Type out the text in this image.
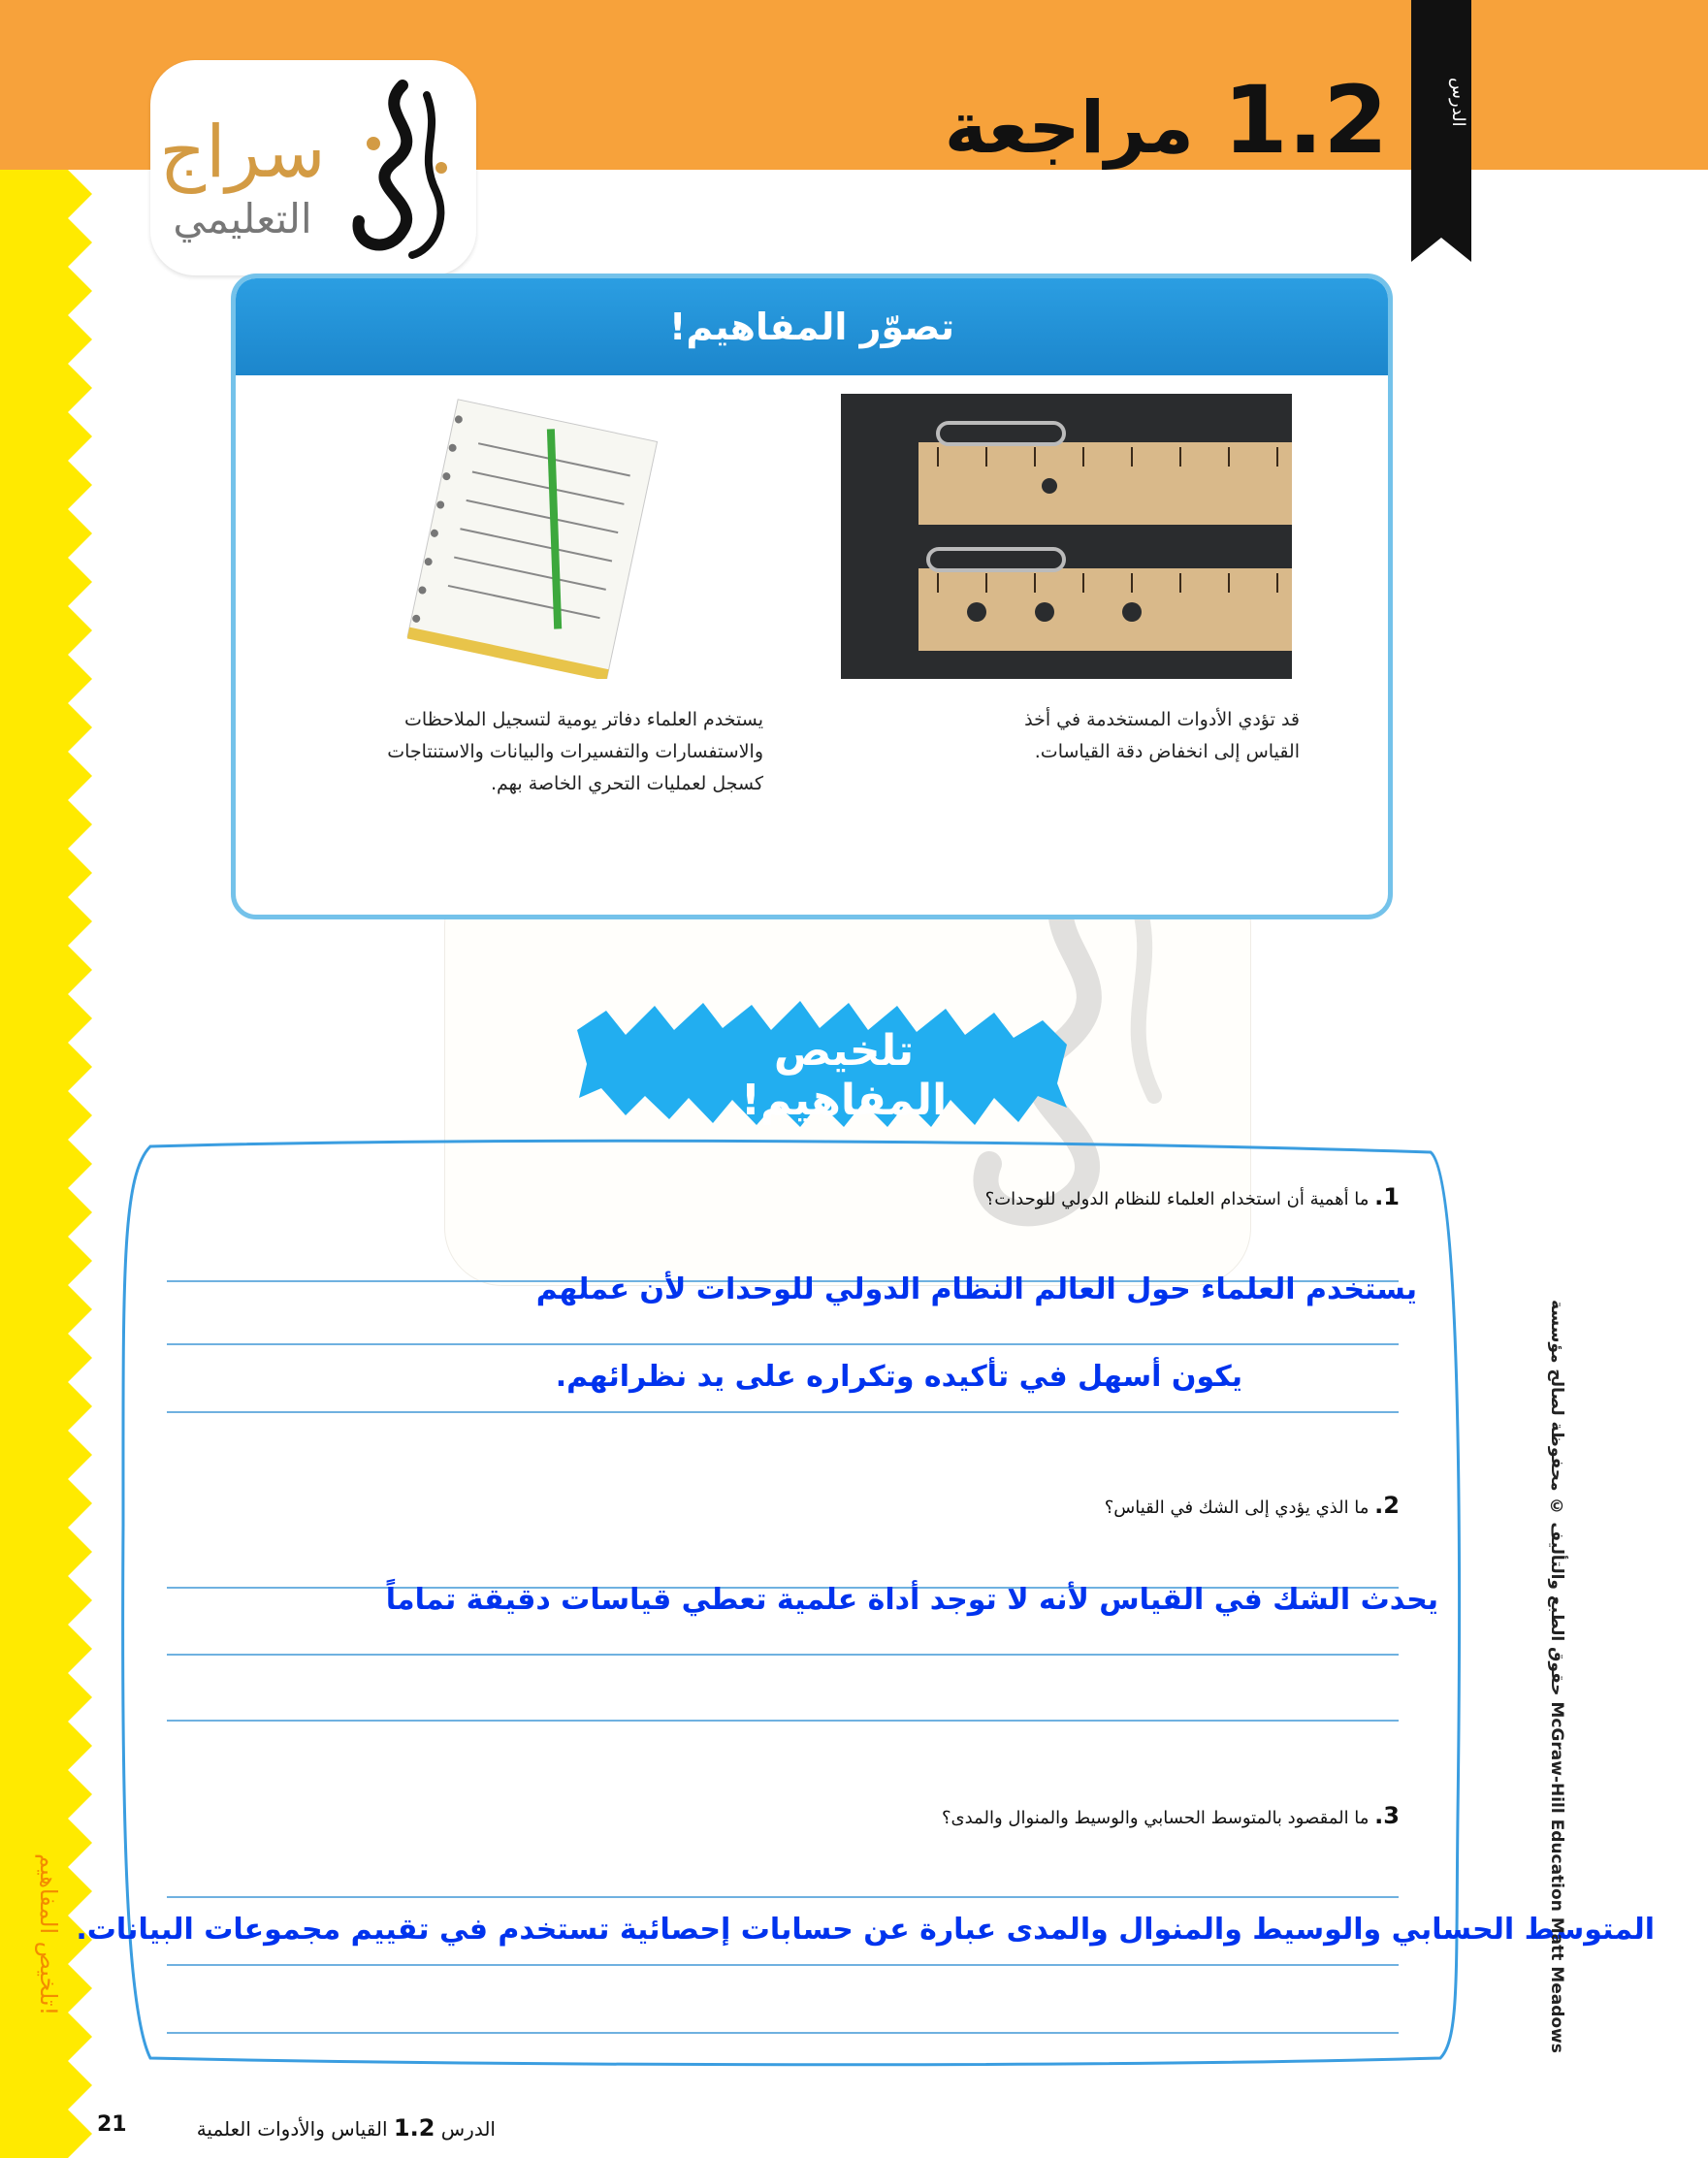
الدرس
1.2مراجعة
سراج
التعليمي
تصوّر المفاهيم!
قد تؤدي الأدوات المستخدمة في أخذ القياس إلى انخفاض دقة القياسات.
يستخدم العلماء دفاتر يومية لتسجيل الملاحظات والاستفسارات والتفسيرات والبيانات والاستنتاجات كسجل لعمليات التحري الخاصة بهم.
تلخيص المفاهيم!
1. ما أهمية أن استخدام العلماء للنظام الدولي للوحدات؟
يستخدم العلماء حول العالم النظام الدولي للوحدات لأن عملهم
يكون أسهل في تأكيده وتكراره على يد نظرائهم.
2. ما الذي يؤدي إلى الشك في القياس؟
يحدث الشك في القياس لأنه لا توجد أداة علمية تعطي قياسات دقيقة تماماً
3. ما المقصود بالمتوسط الحسابي والوسيط والمنوال والمدى؟
المتوسط الحسابي والوسيط والمنوال والمدى عبارة عن حسابات إحصائية تستخدم في تقييم مجموعات البيانات.
حقوق الطبع والتأليف © محفوظة لصالح مؤسسة McGraw-Hill Education Matt Meadows
تلخيص المفاهيم!
21	الدرس 1.2 القياس والأدوات العلمية
